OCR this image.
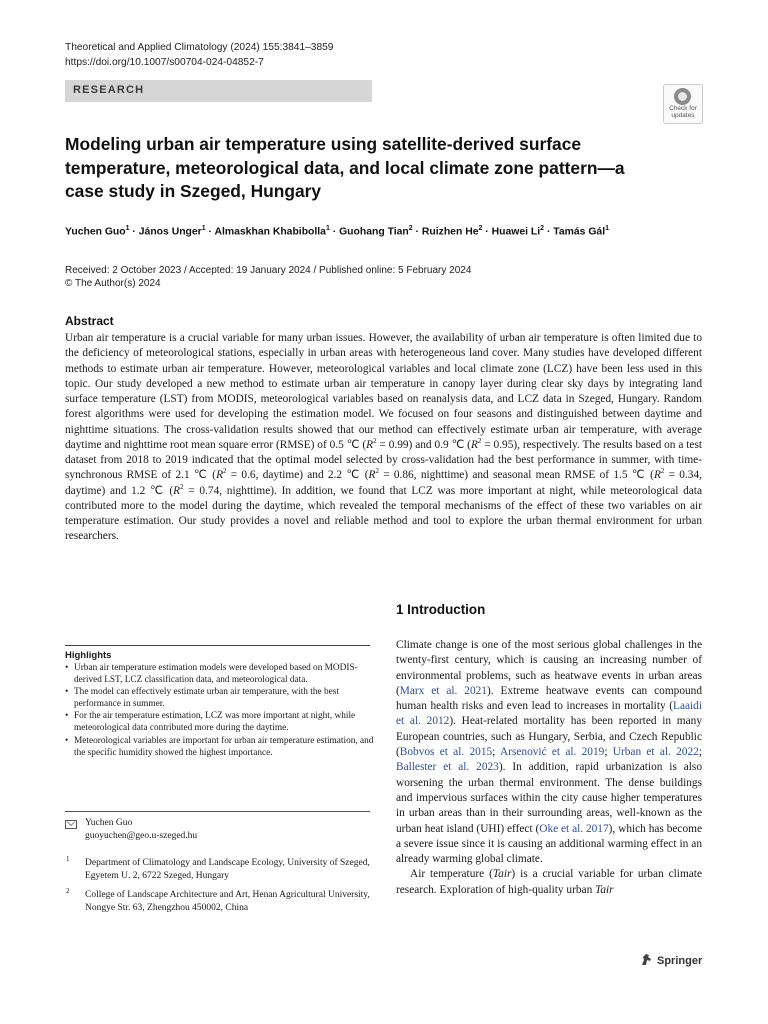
Theoretical and Applied Climatology (2024) 155:3841–3859
https://doi.org/10.1007/s00704-024-04852-7
RESEARCH
Check for
updates
Modeling urban air temperature using satellite-derived surface temperature, meteorological data, and local climate zone pattern—a case study in Szeged, Hungary
Yuchen Guo$^1$ · János Unger$^1$ · Almaskhan Khabibolla$^1$ · Guohang Tian$^2$ · Ruizhen $He^2$ · Huawei $Li^2$ · Tamás Gál$^1$
Received: 2 October 2023 / Accepted: 19 January 2024 / Published online: 5 February 2024
© The Author(s) 2024
Abstract
Urban air temperature is a crucial variable for many urban issues. However, the availability of urban air temperature is often limited due to the deficiency of meteorological stations, especially in urban areas with heterogeneous land cover. Many studies have developed different methods to estimate urban air temperature. However, meteorological variables and local climate zone (LCZ) have been less used in this topic. Our study developed a new method to estimate urban air temperature in canopy layer during clear sky days by integrating land surface temperature (LST) from MODIS, meteorological variables based on reanalysis data, and LCZ data in Szeged, Hungary. Random forest algorithms were used for developing the estimation model. We focused on four seasons and distinguished between daytime and nighttime situations. The cross-validation results showed that our method can effectively estimate urban air temperature, with average daytime and nighttime root mean square error (RMSE) of 0.5 ℃ $(R^2 = 0.99)$ and 0.9 ℃ $(R^2 = 0.95)$, respectively. The results based on a test dataset from 2018 to 2019 indicated that the optimal model selected by cross-validation had the best performance in summer, with time-synchronous RMSE of 2.1 ℃ ($R^2 = 0.6$, daytime) and 2.2 ℃ ($R^2 = 0.86$, nighttime) and seasonal mean RMSE of 1.5 ℃ ($R^2 = 0.34$, daytime) and 1.2 ℃ ($R^2 = 0.74$, nighttime). In addition, we found that LCZ was more important at night, while meteorological data contributed more to the model during the daytime, which revealed the temporal mechanisms of the effect of these two variables on air temperature estimation. Our study provides a novel and reliable method and tool to explore the urban thermal environment for urban researchers.
Highlights
• Urban air temperature estimation models were developed based on MODIS-derived LST, LCZ classification data, and meteorological data.
• The model can effectively estimate urban air temperature, with the best performance in summer.
• For the air temperature estimation, LCZ was more important at night, while meteorological data contributed more during the daytime.
• Meteorological variables are important for urban air temperature estimation, and the specific humidity showed the highest importance.
Yuchen Guo
guoyuchen@geo.u-szeged.hu
1 Department of Climatology and Landscape Ecology, University of Szeged, Egyetem U. 2, 6722 Szeged, Hungary
2 College of Landscape Architecture and Art, Henan Agricultural University, Nongye Str. 63, Zhengzhou 450002, China
1 Introduction

Climate change is one of the most serious global challenges in the twenty-first century, which is causing an increasing number of environmental problems, such as heatwave events in urban areas (Marx et al. 2021). Extreme heatwave events can compound human health risks and even lead to increases in mortality (Laaidi et al. 2012). Heat-related mortality has been reported in many European countries, such as Hungary, Serbia, and Czech Republic (Bobvos et al. 2015; Arsenović et al. 2019; Urban et al. 2022; Ballester et al. 2023). In addition, rapid urbanization is also worsening the urban thermal environment. The dense buildings and impervious surfaces within the city cause higher temperatures in urban areas than in their surrounding areas, well-known as the urban heat island (UHI) effect (Oke et al. 2017), which has become a severe issue since it is causing an additional warming effect in an already warming global climate.

Air temperature (Tair) is a crucial variable for urban climate research. Exploration of high-quality urban Tair

Springer
